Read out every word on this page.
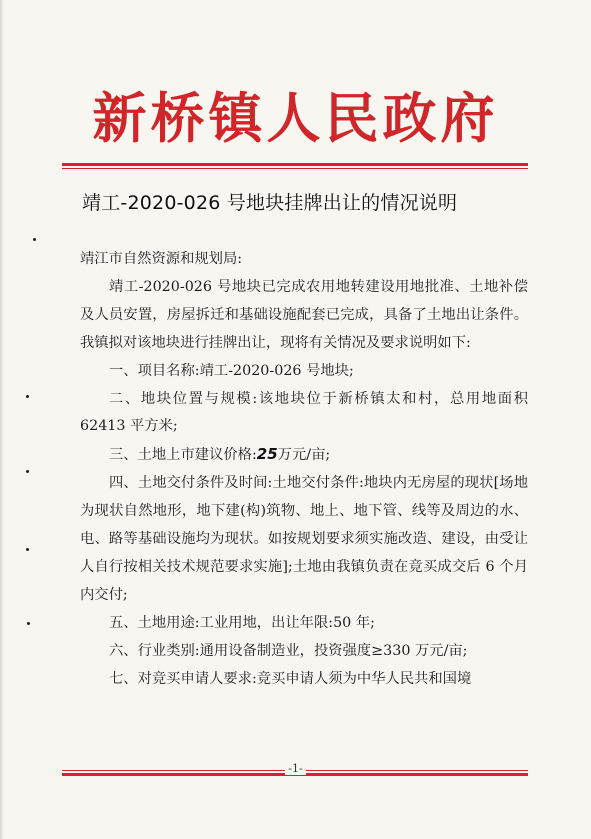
新桥镇人民政府
靖工-2020-026 号地块挂牌出让的情况说明

靖江市自然资源和规划局:

靖工-2020-026 号地块已完成农用地转建设用地批准、土地补偿及人员安置，房屋拆迁和基础设施配套已完成，具备了土地出让条件。我镇拟对该地块进行挂牌出让，现将有关情况及要求说明如下:

一、项目名称:靖工-2020-026 号地块;

二、地块位置与规模:该地块位于新桥镇太和村，总用地面积 62413 平方米;

三、土地上市建议价格:25万元/亩;

四、土地交付条件及时间:土地交付条件:地块内无房屋的现状[场地为现状自然地形，地下建(构)筑物、地上、地下管、线等及周边的水、电、路等基础设施均为现状。如按规划要求须实施改造、建设，由受让人自行按相关技术规范要求实施];土地由我镇负责在竞买成交后 6 个月内交付;

五、土地用途:工业用地，出让年限:50 年;

六、行业类别:通用设备制造业，投资强度≥330 万元/亩;

七、对竞买申请人要求:竞买申请人须为中华人民共和国境

-1-
